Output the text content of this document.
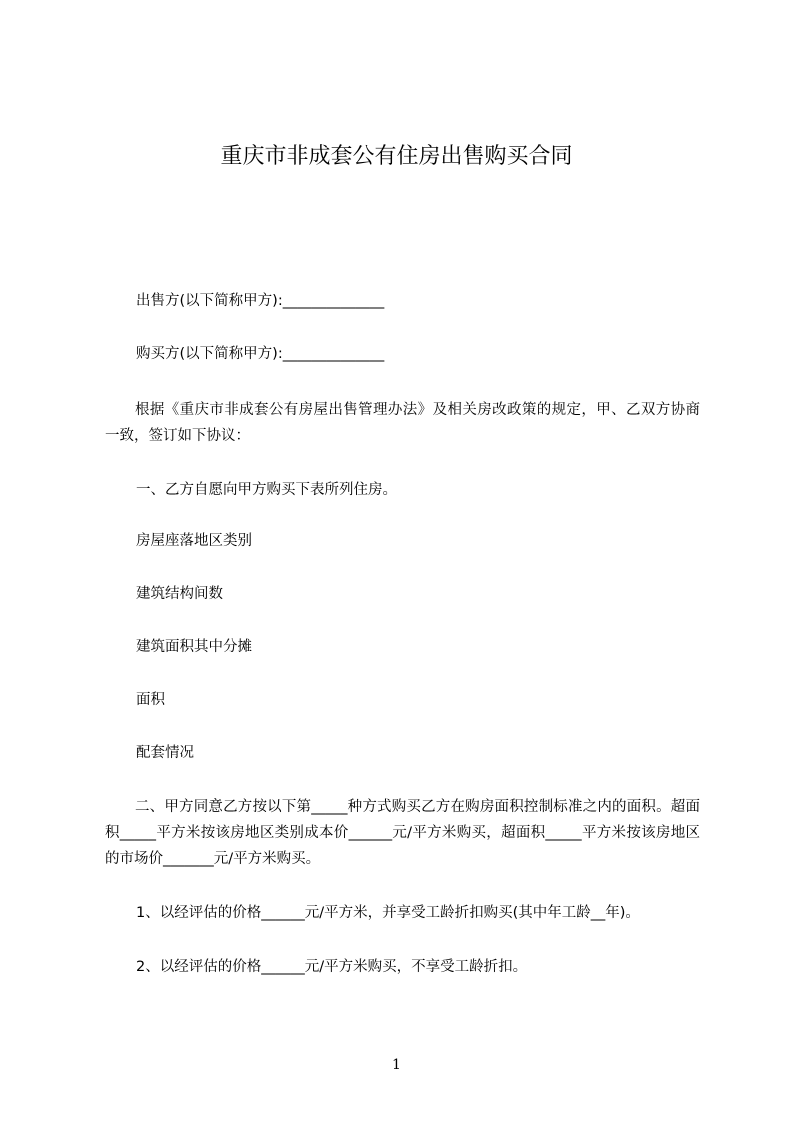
重庆市非成套公有住房出售购买合同

出售方(以下简称甲方):______________

购买方(以下简称甲方):______________

根据《重庆市非成套公有房屋出售管理办法》及相关房改政策的规定，甲、乙双方协商一致，签订如下协议：

一、乙方自愿向甲方购买下表所列住房。

房屋座落地区类别

建筑结构间数

建筑面积其中分摊

面积

配套情况

二、甲方同意乙方按以下第_____种方式购买乙方在购房面积控制标准之内的面积。超面积_____平方米按该房地区类别成本价______元/平方米购买，超面积_____平方米按该房地区的市场价_______元/平方米购买。

1、以经评估的价格______元/平方米，并享受工龄折扣购买(其中年工龄__年)。

2、以经评估的价格______元/平方米购买，不享受工龄折扣。

1
